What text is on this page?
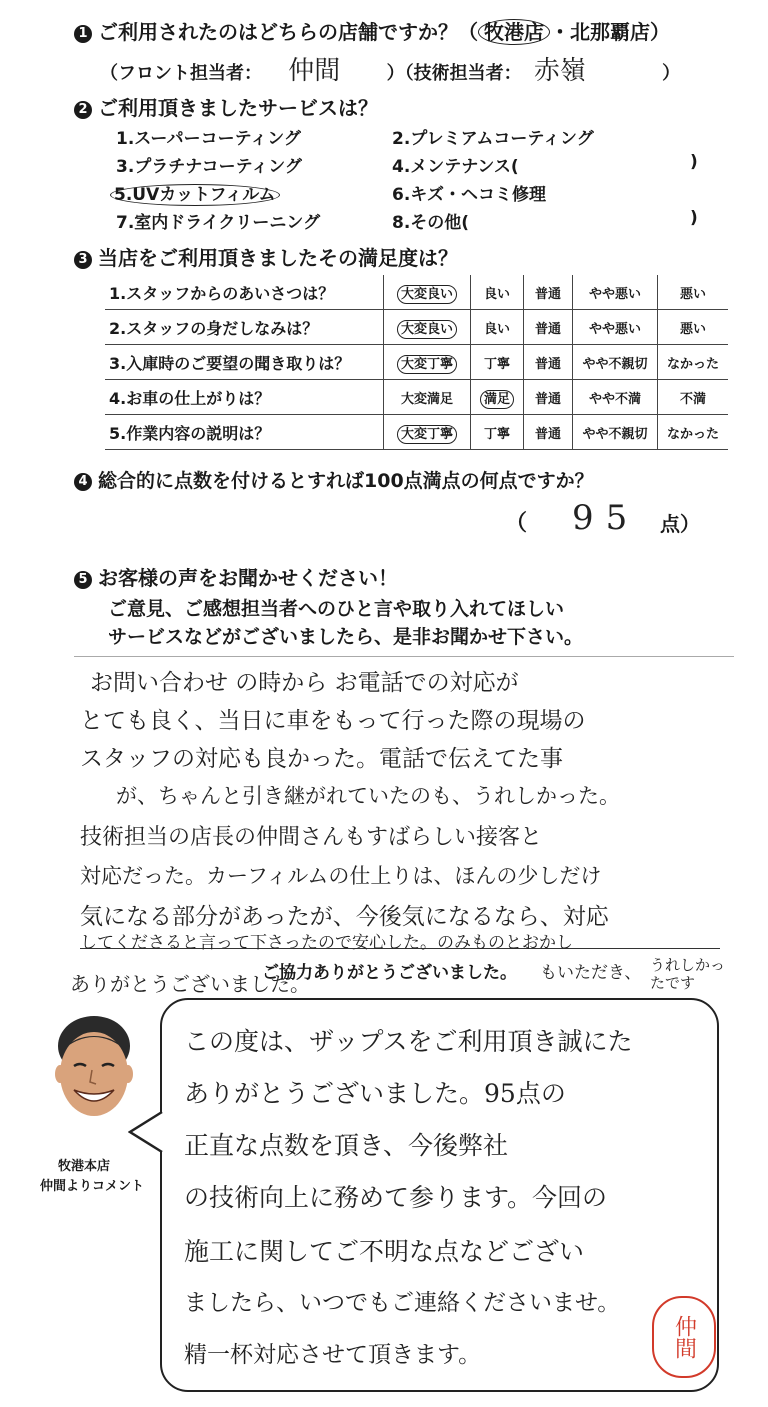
1 ご利用されたのはどちらの店舗ですか？（ 牧港店 ・北那覇店）
（フロント担当者： 仲間	）（技術担当者： 赤嶺	）
2 ご利用頂きましたサービスは？
1.スーパーコーティング	2.プレミアムコーティング
3.プラチナコーティング	4.メンテナンス(	)
5.UVカットフィルム	6.キズ・ヘコミ修理
7.室内ドライクリーニング	8.その他(	)
3 当店をご利用頂きましたその満足度は？
1.スタッフからのあいさつは？	大変良い	良い	普通	やや悪い	悪い
2.スタッフの身だしなみは？	大変良い	良い	普通	やや悪い	悪い
3.入庫時のご要望の聞き取りは？	大変丁寧	丁寧	普通	やや不親切	なかった
4.お車の仕上がりは？	大変満足	満足	普通	やや不満	不満
5.作業内容の説明は？	大変丁寧	丁寧	普通	やや不親切	なかった
4 総合的に点数を付けるとすれば100点満点の何点ですか？
（ 95 点）
5 お客様の声をお聞かせください！
ご意見、ご感想担当者へのひと言や取り入れてほしい
サービスなどがございましたら、是非お聞かせ下さい。
お問い合わせ の時から お電話での対応が
とても良く、当日に車をもって行った際の現場の
スタッフの対応も良かった。電話で伝えてた事
が、ちゃんと引き継がれていたのも、うれしかった。
技術担当の店長の仲間さんもすばらしい接客と
対応だった。カーフィルムの仕上りは、ほんの少しだけ
気になる部分があったが、今後気になるなら、対応
してくださると言って下さったので安心した。のみものとおかし
ありがとうございました。
ご協力ありがとうございました。 もいただき、 うれしかったです
牧港本店
仲間よりコメント
この度は、ザップスをご利用頂き誠にた
ありがとうございました。95点の
正直な点数を頂き、今後弊社
の技術向上に務めて参ります。今回の
施工に関してご不明な点などござい
ましたら、いつでもご連絡くださいませ。
精一杯対応させて頂きます。	仲間
